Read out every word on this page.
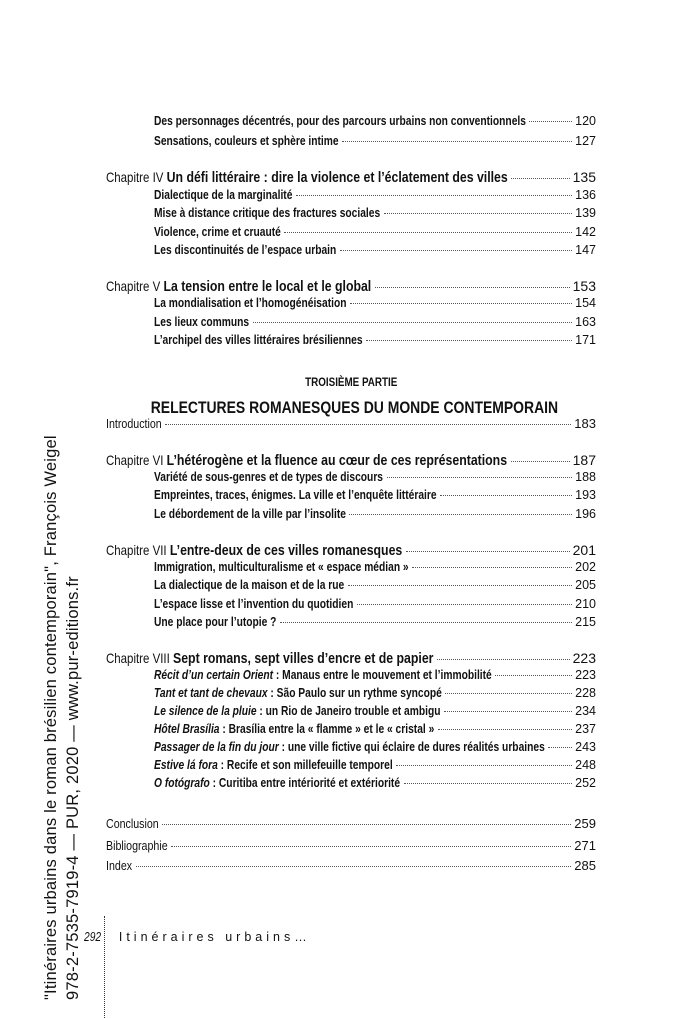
Des personnages décentrés, pour des parcours urbains non conventionnels	120
Sensations, couleurs et sphère intime	127
Chapitre IV Un défi littéraire : dire la violence et l’éclatement des villes	135
Dialectique de la marginalité	136
Mise à distance critique des fractures sociales	139
Violence, crime et cruauté	142
Les discontinuités de l’espace urbain	147
Chapitre V La tension entre le local et le global	153
La mondialisation et l’homogénéisation	154
Les lieux communs	163
L’archipel des villes littéraires brésiliennes	171
Introduction	183
Chapitre VI L’hétérogène et la fluence au cœur de ces représentations	187
Variété de sous-genres et de types de discours	188
Empreintes, traces, énigmes. La ville et l’enquête littéraire	193
Le débordement de la ville par l’insolite	196
Chapitre VII L’entre-deux de ces villes romanesques	201
Immigration, multiculturalisme et « espace médian »	202
La dialectique de la maison et de la rue	205
L’espace lisse et l’invention du quotidien	210
Une place pour l’utopie ?	215
Chapitre VIII Sept romans, sept villes d’encre et de papier	223
Récit d’un certain Orient : Manaus entre le mouvement et l’immobilité	223
Tant et tant de chevaux : São Paulo sur un rythme syncopé	228
Le silence de la pluie : un Rio de Janeiro trouble et ambigu	234
Hôtel Brasília : Brasília entre la « flamme » et le « cristal »	237
Passager de la fin du jour : une ville fictive qui éclaire de dures réalités urbaines 243
Estive lá fora : Recife et son millefeuille temporel	248
O fotógrafo : Curitiba entre intériorité et extériorité	252
Conclusion	259
Bibliographie	271
Index	285
TROISIÈME PARTIE
RELECTURES ROMANESQUES DU MONDE CONTEMPORAIN
"Itinéraires urbains dans le roman brésilien contemporain", François Weigel 978-2-7535-7919-4 — PUR, 2020 — www.pur-editions.fr 292 Itinéraires urbains…
